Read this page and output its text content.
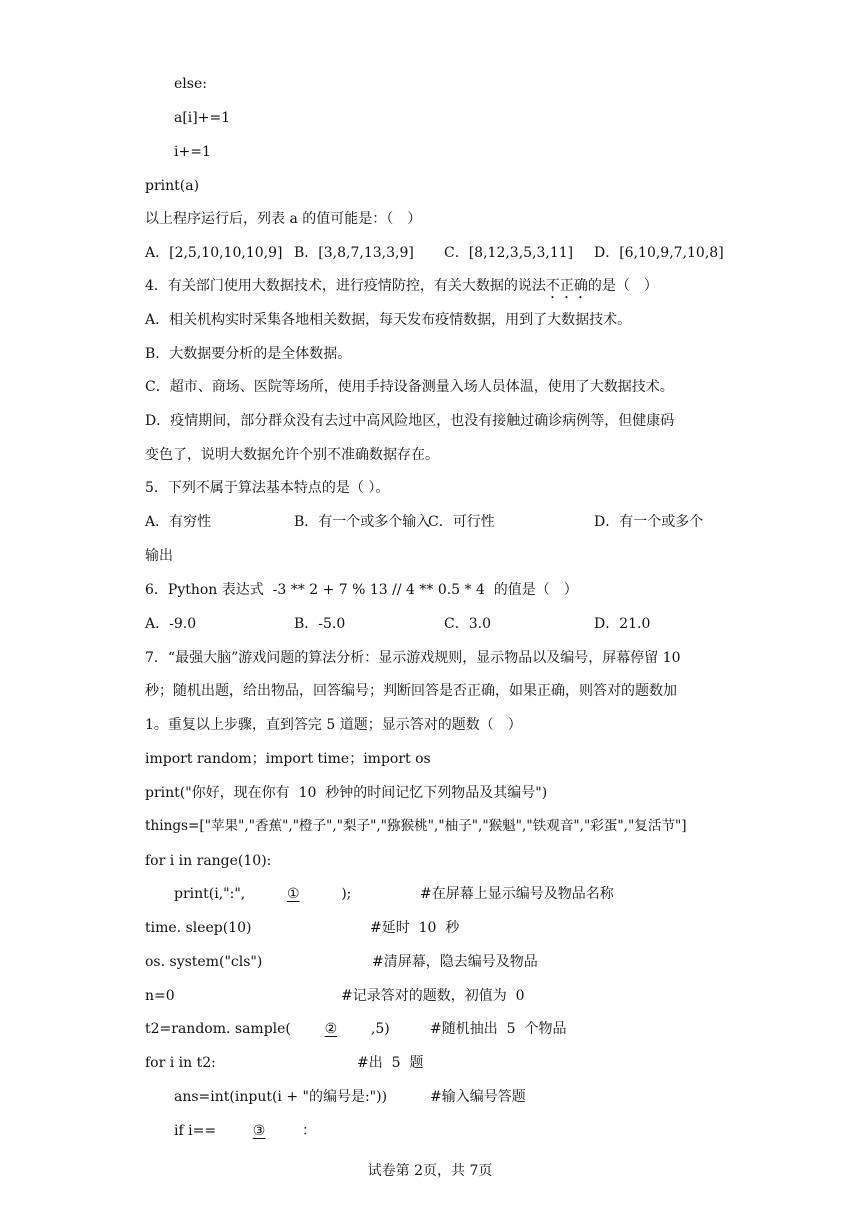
else:
a[i]+=1
i+=1
print(a)
以上程序运行后，列表 a 的值可能是：（　）
A．[2,5,10,10,10,9] B．[3,8,7,13,3,9] C．[8,12,3,5,3,11] D．[6,10,9,7,10,8]
4．有关部门使用大数据技术，进行疫情防控，有关大数据的说法不正确的是（　）
A．相关机构实时采集各地相关数据，每天发布疫情数据，用到了大数据技术。
B．大数据要分析的是全体数据。
C．超市、商场、医院等场所，使用手持设备测量入场人员体温，使用了大数据技术。
D．疫情期间，部分群众没有去过中高风险地区，也没有接触过确诊病例等，但健康码
变色了，说明大数据允许个别不准确数据存在。
5．下列不属于算法基本特点的是（ ）。
A．有穷性	B．有一个或多个输入
C．可行性	D．有一个或多个
输出
6．Python 表达式  -3 ** 2 + 7 % 13 // 4 ** 0.5 * 4  的值是（　）
A．-9.0	B．-5.0	C．3.0	D．21.0
7．“最强大脑”游戏问题的算法分析：显示游戏规则，显示物品以及编号，屏幕停留 10
秒；随机出题，给出物品，回答编号；判断回答是否正确，如果正确，则答对的题数加
1。重复以上步骤，直到答完 5 道题；显示答对的题数（　）
import random；import time；import os
print("你好，现在你有  10  秒钟的时间记忆下列物品及其编号")
things=["苹果","香蕉","橙子","梨子","猕猴桃","柚子","猴魁","铁观音","彩蛋","复活节"]
for i in range(10):
print(i,":",	①	);	#在屏幕上显示编号及物品名称
time. sleep(10)	#延时  10  秒
os. system("cls")	#清屏幕，隐去编号及物品
n=0	#记录答对的题数，初值为  0
t2=random. sample( ② ,5)	#随机抽出  5  个物品
for i in t2:	#出  5  题
ans=int(input(i + "的编号是:"))	#输入编号答题
if i==	③	：
试卷第 2页，共 7页
